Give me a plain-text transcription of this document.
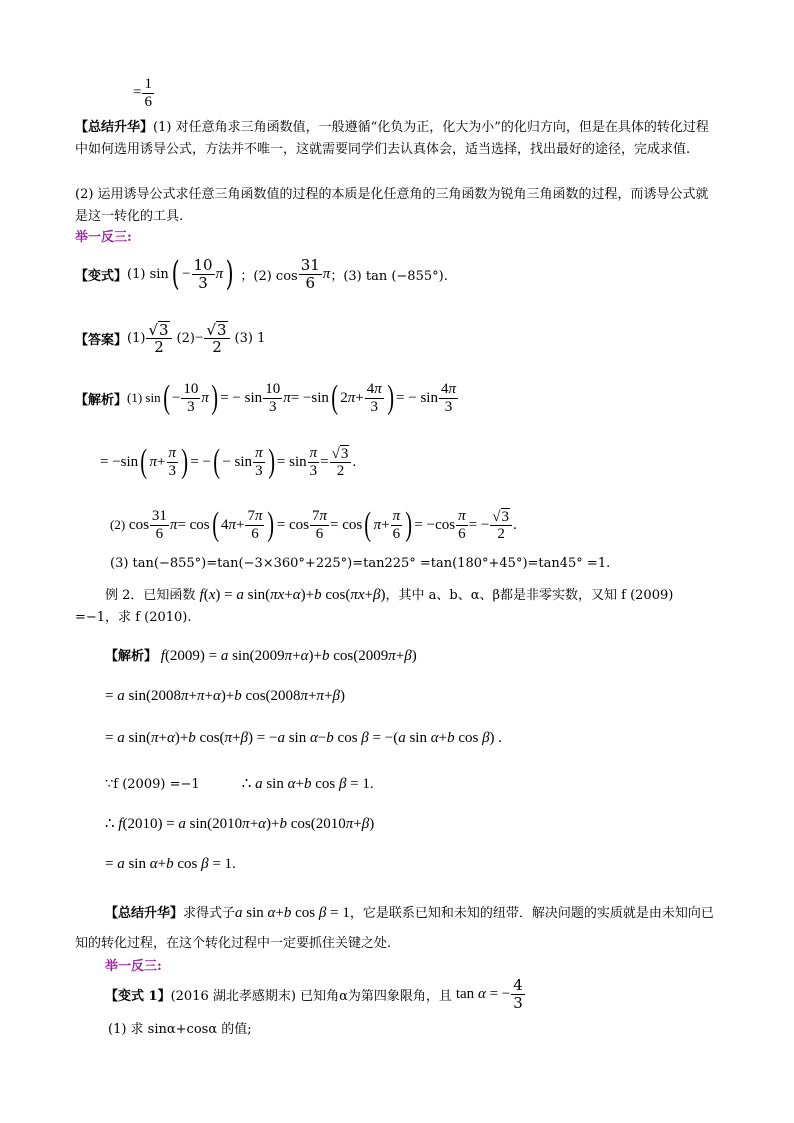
= $\frac{1}{6}$
【总结升华】(1) 对任意角求三角函数值，一般遵循“化负为正，化大为小”的化归方向，但是在具体的转化过程中如何选用诱导公式，方法并不唯一，这就需要同学们去认真体会，适当选择，找出最好的途径，完成求值.
(2) 运用诱导公式求任意三角函数值的过程的本质是化任意角的三角函数为锐角三角函数的过程，而诱导公式就是这一转化的工具.
举一反三:
【变式】 (1) sin ( − $\frac{10}{3}$ π ) ；(2) $\cos \frac{31}{6}$ π ；(3) tan (−855°).
【答案】 $(1) \frac{√3}{2} (2) - \frac{√3}{2} (3)$ 1
【解析】 (1) sin ( − $\frac{10}{3}$ π ) = − $\sin \frac{10}{3}$ π = −sin ( 2 $\pi + \frac{4\pi}{3}$ ) = − $\sin \frac{4\pi}{3}$
= −sin ( $\pi + \frac{\pi}{3}$ ) = − ( − $\sin \frac{\pi}{3}$ ) = $\sin \frac{\pi}{3} = \frac{√3}{2}$ .
(2) $\cos \frac{31}{6}$ π = cos ( 4 $\pi + \frac{7\pi}{6}$ ) = $\cos \frac{7\pi}{6} = \cos$ ( $\pi + \frac{\pi}{6}$ ) = $-\cos \frac{\pi}{6}$ = − $\frac{√3}{2}$ .
(3) tan(−855°)=tan(−3×360°+225°)=tan225° =tan(180°+45°)=tan45° =1.
例 2．已知函数 f(x) = a sin(πx+α)+b cos(πx+β)，其中 a、b、α、β都是非零实数，又知 f (2009) =−1，求 f (2010).
【解析】 f(2009) = a sin(2009π+α)+b cos(2009π+β)
= a sin(2008π+π+α)+b cos(2008π+π+β)
= a sin(π+α)+b cos(π+β) = −a sin α−b cos β = −(a sin α+b cos β) .
∵f (2009) =−1	∴ a sin α+b cos β = 1.
∴ f(2010) = a sin(2010π+α)+b cos(2010π+β)
= a sin α+b cos β = 1.
【总结升华】求得式子a sin α+b cos β = 1，它是联系已知和未知的纽带．解决问题的实质就是由未知向已知的转化过程，在这个转化过程中一定要抓住关键之处.
举一反三:
【变式 1】 (2016 湖北孝感期末) 已知角α为第四象限角，且 tan α = − $\frac{4}{3}$
(1) 求 sinα+cosα 的值;
